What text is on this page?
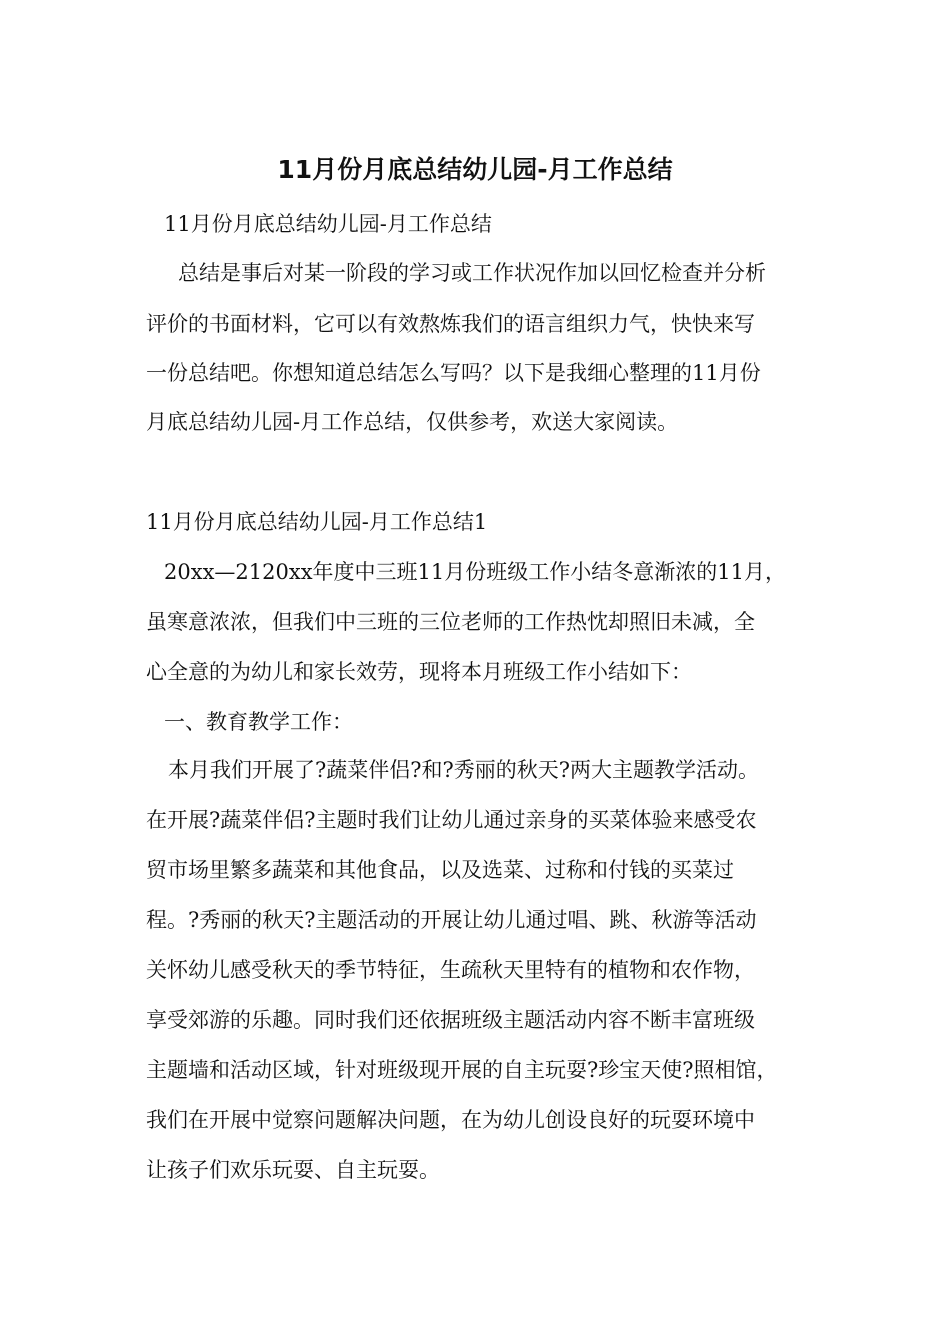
11月份月底总结幼儿园-月工作总结

11月份月底总结幼儿园-月工作总结

总结是事后对某一阶段的学习或工作状况作加以回忆检查并分析

评价的书面材料，它可以有效熬炼我们的语言组织力气，快快来写

一份总结吧。你想知道总结怎么写吗？以下是我细心整理的11月份

月底总结幼儿园-月工作总结，仅供参考，欢送大家阅读。

11月份月底总结幼儿园-月工作总结1

20xx—2120xx年度中三班11月份班级工作小结冬意渐浓的11月，

虽寒意浓浓，但我们中三班的三位老师的工作热忱却照旧未减，全

心全意的为幼儿和家长效劳，现将本月班级工作小结如下：

一、教育教学工作：

本月我们开展了?蔬菜伴侣?和?秀丽的秋天?两大主题教学活动。

在开展?蔬菜伴侣?主题时我们让幼儿通过亲身的买菜体验来感受农

贸市场里繁多蔬菜和其他食品，以及选菜、过称和付钱的买菜过

程。?秀丽的秋天?主题活动的开展让幼儿通过唱、跳、秋游等活动

关怀幼儿感受秋天的季节特征，生疏秋天里特有的植物和农作物，

享受郊游的乐趣。同时我们还依据班级主题活动内容不断丰富班级

主题墙和活动区域，针对班级现开展的自主玩耍?珍宝天使?照相馆，

我们在开展中觉察问题解决问题，在为幼儿创设良好的玩耍环境中

让孩子们欢乐玩耍、自主玩耍。
